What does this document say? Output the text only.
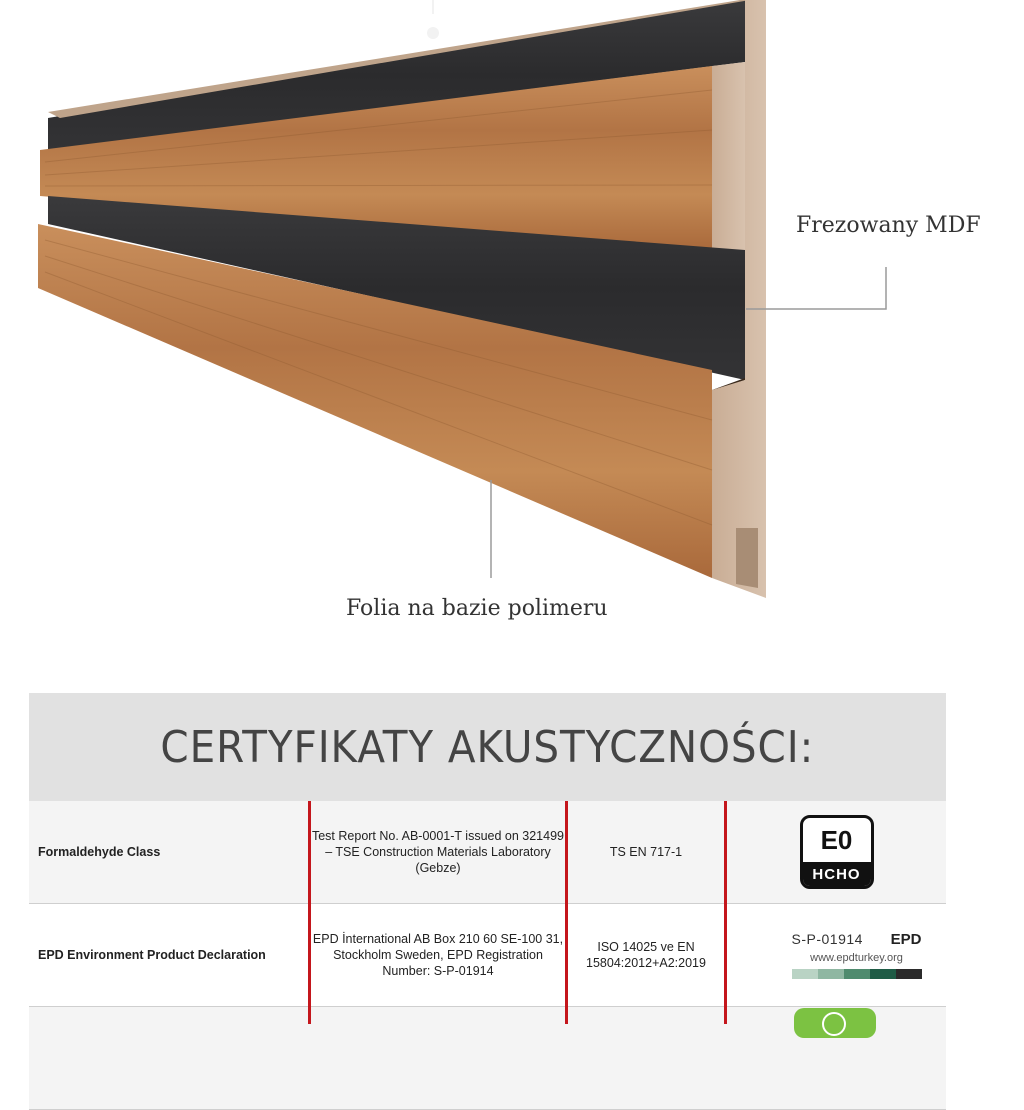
Frezowany MDF
Folia na bazie polimeru
CERTYFIKATY AKUSTYCZNOŚCI:
Formaldehyde Class
Test Report No. AB-0001-T issued on 321499 – TSE Construction Materials Laboratory (Gebze)
TS EN 717-1	E0
HCHO
EPD Environment Product Declaration
EPD İnternational AB Box 210 60 SE-100 31, Stockholm Sweden, EPD Registration Number: S-P-01914
ISO 14025 ve EN 15804:2012+A2:2019
S-P-01914 EPD
www.epdturkey.org
